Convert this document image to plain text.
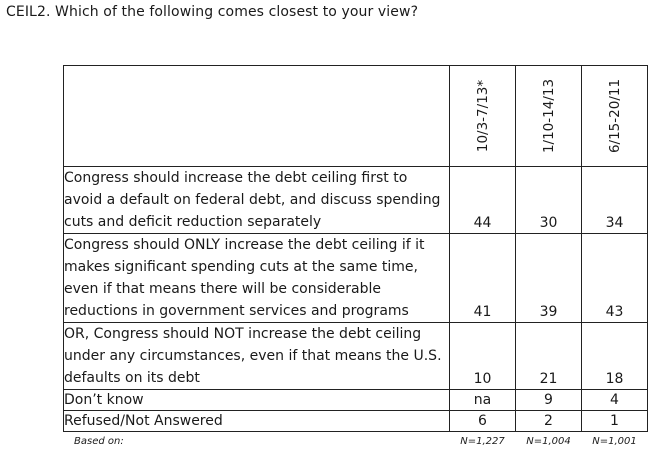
CEIL2. Which of the following comes closest to your view?

	10/3-7/13*	1/10-14/13	6/15-20/11

Congress should increase the debt ceiling first to avoid a default on federal debt, and discuss spending cuts and deficit reduction separately	44	30	34
Congress should ONLY increase the debt ceiling if it makes significant spending cuts at the same time, even if that means there will be considerable reductions in government services and programs	41	39	43
OR, Congress should NOT increase the debt ceiling under any circumstances, even if that means the U.S. defaults on its debt	10	21	18
Don’t know	na	9	4
Refused/Not Answered	6	2	1
Based on:	N=1,227	N=1,004	N=1,001
